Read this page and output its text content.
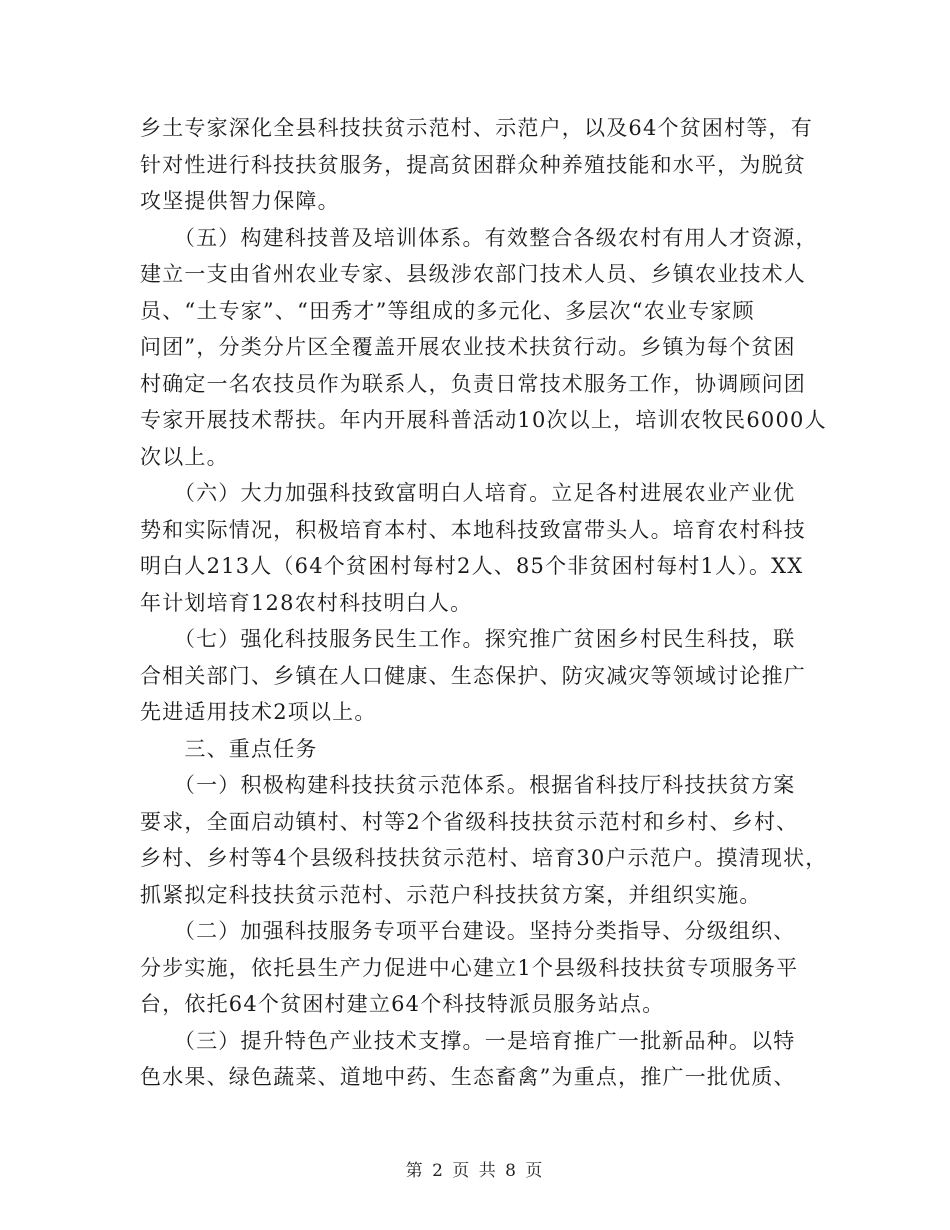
乡土专家深化全县科技扶贫示范村、示范户，以及64个贫困村等，有
针对性进行科技扶贫服务，提高贫困群众种养殖技能和水平，为脱贫
攻坚提供智力保障。
　　（五）构建科技普及培训体系。有效整合各级农村有用人才资源，
建立一支由省州农业专家、县级涉农部门技术人员、乡镇农业技术人
员、“土专家”、“田秀才”等组成的多元化、多层次“农业专家顾
问团”，分类分片区全覆盖开展农业技术扶贫行动。乡镇为每个贫困
村确定一名农技员作为联系人，负责日常技术服务工作，协调顾问团
专家开展技术帮扶。年内开展科普活动10次以上，培训农牧民6000人
次以上。
　　（六）大力加强科技致富明白人培育。立足各村进展农业产业优
势和实际情况，积极培育本村、本地科技致富带头人。培育农村科技
明白人213人（64个贫困村每村2人、85个非贫困村每村1人）。XX
年计划培育128农村科技明白人。
　　（七）强化科技服务民生工作。探究推广贫困乡村民生科技，联
合相关部门、乡镇在人口健康、生态保护、防灾减灾等领域讨论推广
先进适用技术2项以上。
　　三、重点任务
　　（一）积极构建科技扶贫示范体系。根据省科技厅科技扶贫方案
要求，全面启动镇村、村等2个省级科技扶贫示范村和乡村、乡村、
乡村、乡村等4个县级科技扶贫示范村、培育30户示范户。摸清现状，
抓紧拟定科技扶贫示范村、示范户科技扶贫方案，并组织实施。
　　（二）加强科技服务专项平台建设。坚持分类指导、分级组织、
分步实施，依托县生产力促进中心建立1个县级科技扶贫专项服务平
台，依托64个贫困村建立64个科技特派员服务站点。
　　（三）提升特色产业技术支撑。一是培育推广一批新品种。以特
色水果、绿色蔬菜、道地中药、生态畜禽”为重点，推广一批优质、
第 2 页 共 8 页
